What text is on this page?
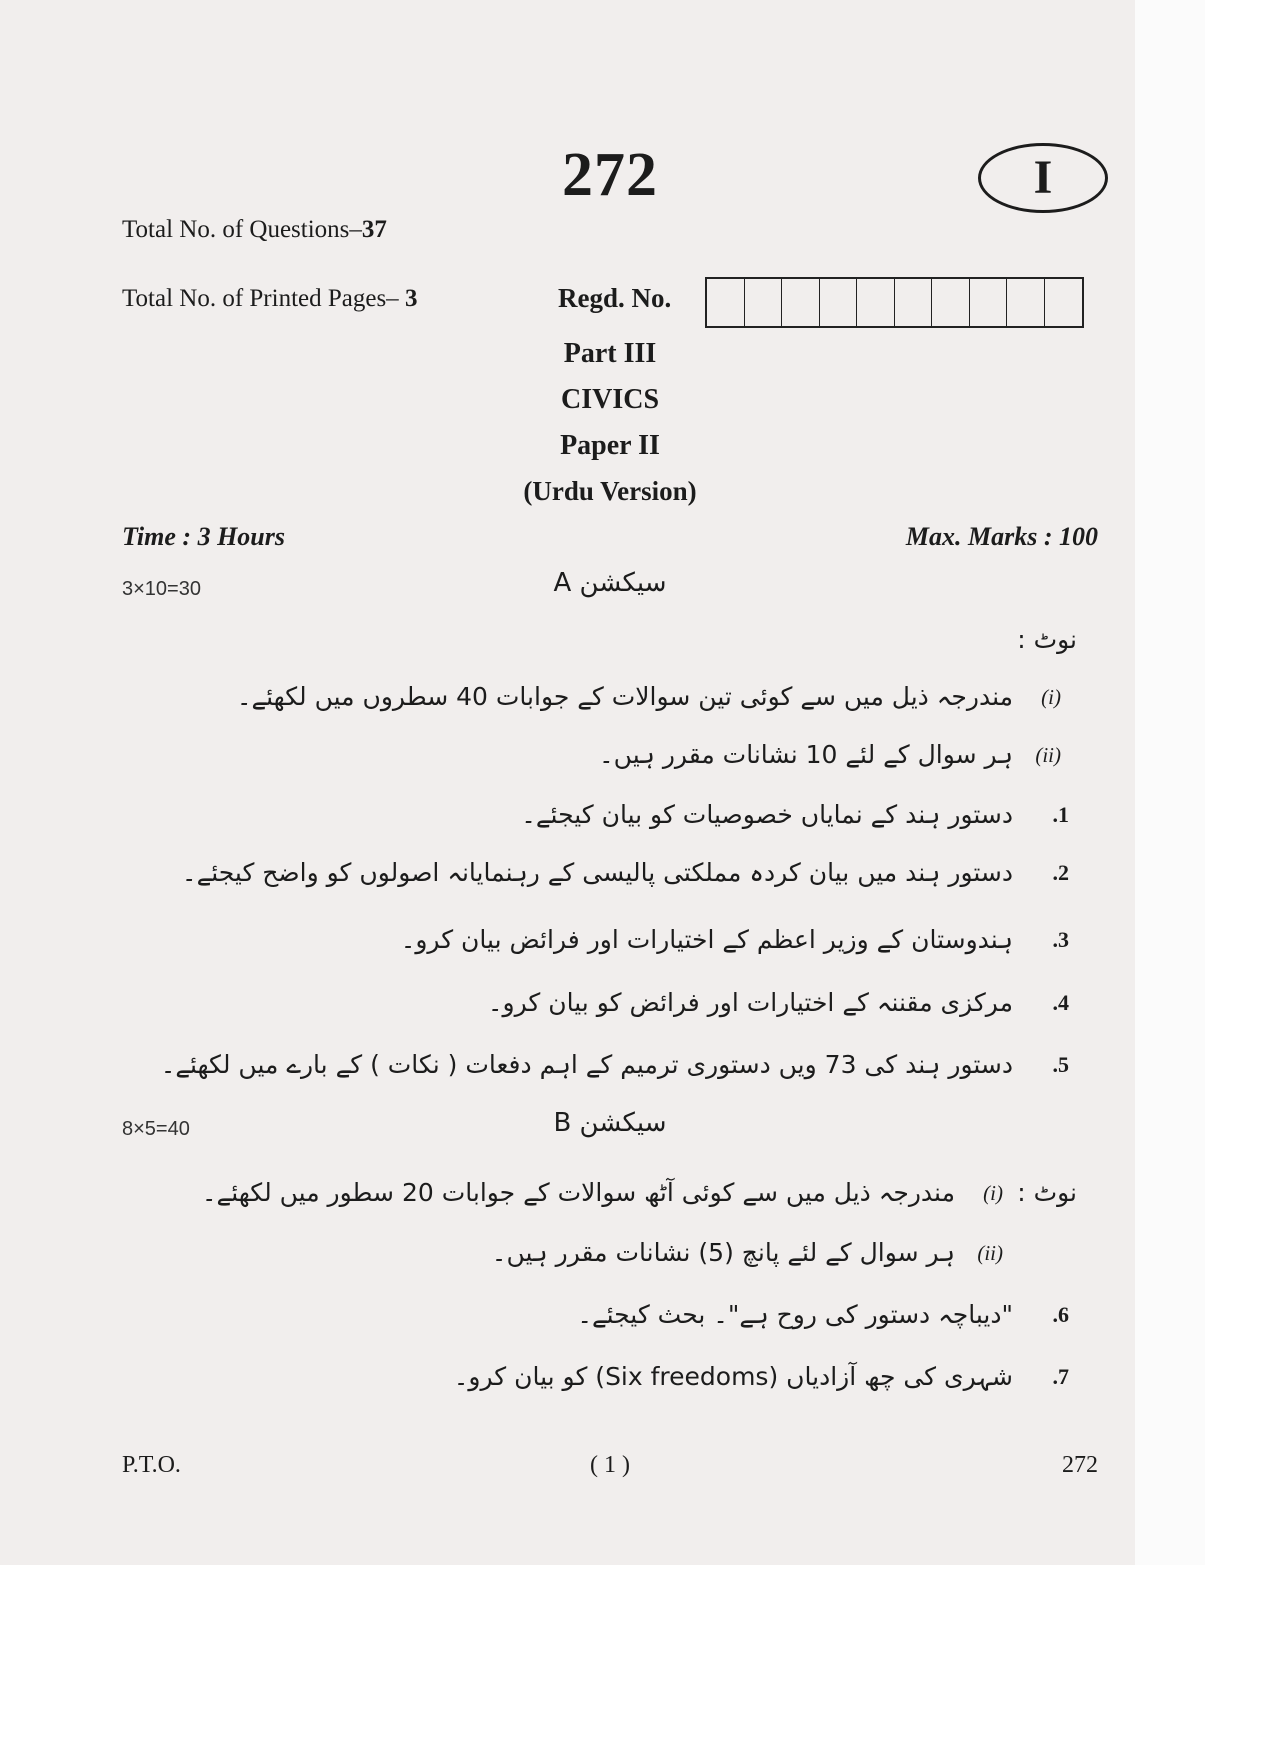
272	I
Total No. of Questions–37
Total No. of Printed Pages– 3	Regd. No.
Part III
CIVICS
Paper II
(Urdu Version)
Time : 3 Hours	Max. Marks : 100
3×10=30	سیکشن A
نوٹ :
(i)
مندرجہ ذیل میں سے کوئی تین سوالات کے جوابات 40 سطروں میں لکھئے۔
(ii)
ہر سوال کے لئے 10 نشانات مقرر ہیں۔
.1
دستور ہند کے نمایاں خصوصیات کو بیان کیجئے۔
.2
دستور ہند میں بیان کردہ مملکتی پالیسی کے رہنمایانہ اصولوں کو واضح کیجئے۔
.3
ہندوستان کے وزیر اعظم کے اختیارات اور فرائض بیان کرو۔
.4
مرکزی مقننہ کے اختیارات اور فرائض کو بیان کرو۔
.5
دستور ہند کی 73 ویں دستوری ترمیم کے اہم دفعات ( نکات ) کے بارے میں لکھئے۔
8×5=40	سیکشن B
نوٹ :
(i)
مندرجہ ذیل میں سے کوئی آٹھ سوالات کے جوابات 20 سطور میں لکھئے۔
(ii)
ہر سوال کے لئے پانچ (5) نشانات مقرر ہیں۔
.6
"دیباچہ دستور کی روح ہے"۔ بحث کیجئے۔
.7
شہری کی چھ آزادیاں (Six freedoms) کو بیان کرو۔
P.T.O.	( 1 )	272
